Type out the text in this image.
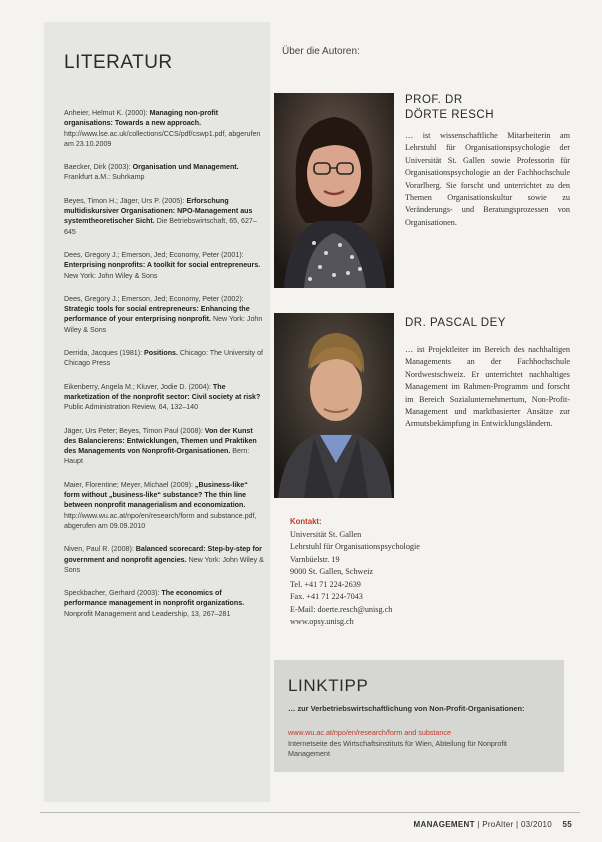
LITERATUR

Anheier, Helmut K. (2000): Managing non-profit organisations: Towards a new approach. http://www.lse.ac.uk/collections/CCS/pdf/cswp1.pdf, abgerufen am 23.10.2009

Baecker, Dirk (2003): Organisation und Management. Frankfurt a.M.: Suhrkamp

Beyes, Timon H.; Jäger, Urs P. (2005): Erforschung multidiskursiver Organisationen: NPO-Management aus systemtheoretischer Sicht. Die Betriebswirtschaft, 65, 627–645

Dees, Gregory J.; Emerson, Jed; Economy, Peter (2001): Enterprising nonprofits: A toolkit for social entrepreneurs. New York: John Wiley & Sons

Dees, Gregory J.; Emerson, Jed; Economy, Peter (2002): Strategic tools for social entrepreneurs: Enhancing the performance of your enterprising nonprofit. New York: John Wiley & Sons

Derrida, Jacques (1981): Positions. Chicago: The University of Chicago Press

Eikenberry, Angela M.; Kluver, Jodie D. (2004): The marketization of the nonprofit sector: Civil society at risk? Public Administration Review, 64, 132–140

Jäger, Urs Peter; Beyes, Timon Paul (2008): Von der Kunst des Balancierens: Entwicklungen, Themen und Praktiken des Managements von Nonprofit-Organisationen. Bern: Haupt

Maier, Florentine; Meyer, Michael (2009): „Business-like“ form without „business-like“ substance? The thin line between nonprofit managerialism and economization. http://www.wu.ac.at/npo/en/research/form and substance.pdf, abgerufen am 09.09.2010

Niven, Paul R. (2008): Balanced scorecard: Step-by-step for government and nonprofit agencies. New York: John Wiley & Sons

Speckbacher, Gerhard (2003): The economics of performance management in nonprofit organizations. Nonprofit Management and Leadership, 13, 267–281

Über die Autoren:
PROF. DR
DÖRTE RESCH
… ist wissenschaftliche Mitarbeiterin am Lehrstuhl für Organisationspsychologie der Universität St. Gallen sowie Professorin für Organisationspsychologie an der Fachhochschule Vorarlberg. Sie forscht und unterrichtet zu den Themen Organisationskultur sowie zu Veränderungs- und Beratungsprozessen von Organisationen.
DR. PASCAL DEY
… ist Projektleiter im Bereich des nachhaltigen Managements an der Fachhochschule Nordwestschweiz. Er unterrichtet nachhaltiges Management im Rahmen-Programm und forscht im Bereich Sozialunternehmertum, Non-Profit-Management und marktbasierter Ansätze zur Armutsbekämpfung in Entwicklungsländern.
Kontakt:
Universität St. Gallen
Lehrstuhl für Organisationspsychologie
Varnbüelstr. 19
9000 St. Gallen, Schweiz
Tel. +41 71 224-2639
Fax. +41 71 224-7043
E-Mail: doerte.resch@unisg.ch
www.opsy.unisg.ch
LINKTIPP
… zur Verbetriebswirtschaftlichung von Non-Profit-Organisationen:
www.wu.ac.at/npo/en/research/form and substance
Internetseite des Wirtschaftsinstituts für Wien, Abteilung für Nonprofit Management
MANAGEMENT | ProAlter | 03/2010 55
